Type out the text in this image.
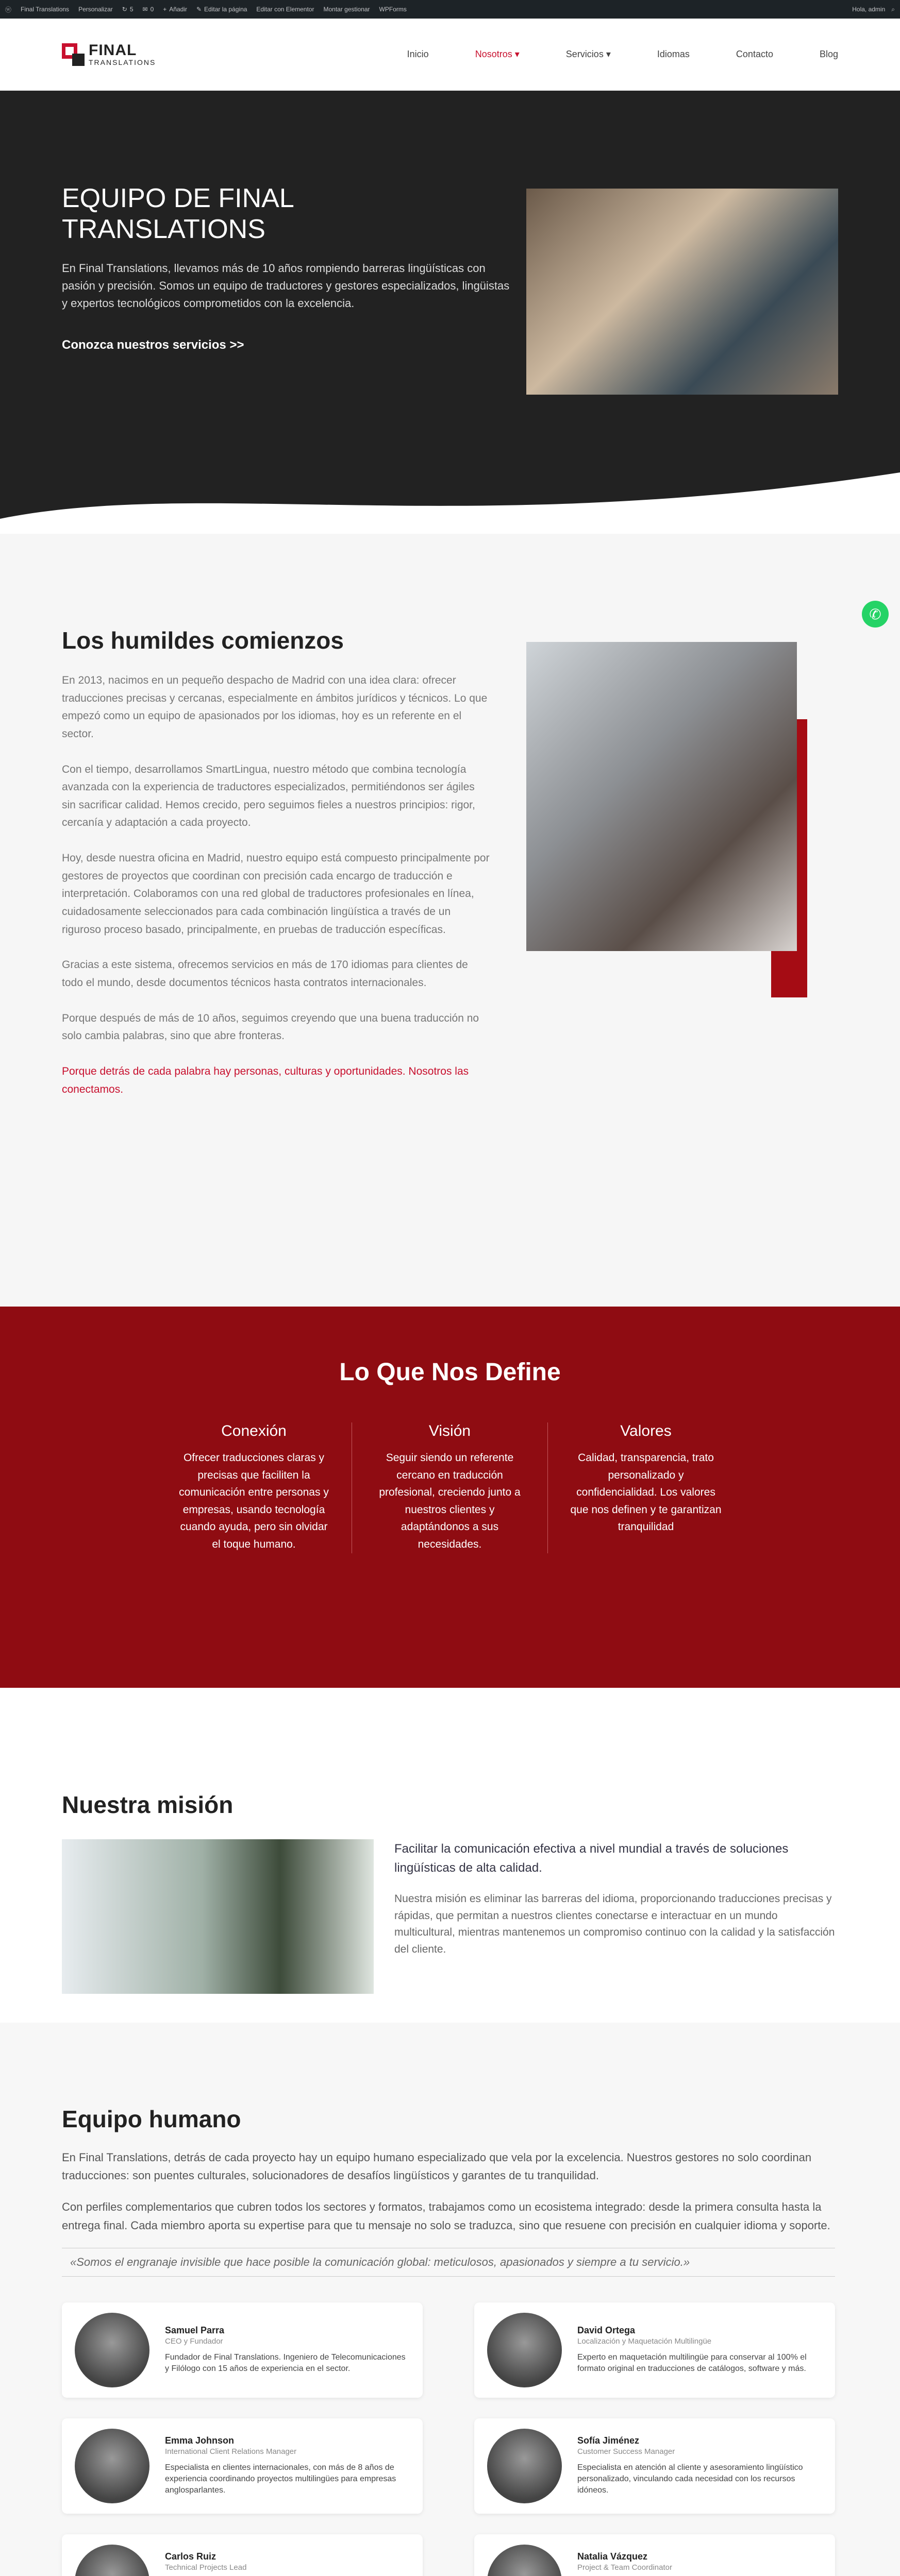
ⓦ Final Translations Personalizar ↻ 5 ✉ 0 + Añadir ✎ Editar la página Editar con Elementor Montar gestionar WPForms	Hola, admin ⌕
FINAL
TRANSLATIONS
Inicio	Nosotros ▾	Servicios ▾	Idiomas	Contacto	Blog
EQUIPO DE FINAL TRANSLATIONS

En Final Translations, llevamos más de 10 años rompiendo barreras lingüísticas con pasión y precisión. Somos un equipo de traductores y gestores especializados, lingüistas y expertos tecnológicos comprometidos con la excelencia.

Conozca nuestros servicios >>
Los humildes comienzos

En 2013, nacimos en un pequeño despacho de Madrid con una idea clara: ofrecer traducciones precisas y cercanas, especialmente en ámbitos jurídicos y técnicos. Lo que empezó como un equipo de apasionados por los idiomas, hoy es un referente en el sector.

Con el tiempo, desarrollamos SmartLingua, nuestro método que combina tecnología avanzada con la experiencia de traductores especializados, permitiéndonos ser ágiles sin sacrificar calidad. Hemos crecido, pero seguimos fieles a nuestros principios: rigor, cercanía y adaptación a cada proyecto.

Hoy, desde nuestra oficina en Madrid, nuestro equipo está compuesto principalmente por gestores de proyectos que coordinan con precisión cada encargo de traducción e interpretación. Colaboramos con una red global de traductores profesionales en línea, cuidadosamente seleccionados para cada combinación lingüística a través de un riguroso proceso basado, principalmente, en pruebas de traducción específicas.

Gracias a este sistema, ofrecemos servicios en más de 170 idiomas para clientes de todo el mundo, desde documentos técnicos hasta contratos internacionales.

Porque después de más de 10 años, seguimos creyendo que una buena traducción no solo cambia palabras, sino que abre fronteras.

Porque detrás de cada palabra hay personas, culturas y oportunidades. Nosotros las conectamos.

✆
Lo Que Nos Define
Conexión

Ofrecer traducciones claras y precisas que faciliten la comunicación entre personas y empresas, usando tecnología cuando ayuda, pero sin olvidar el toque humano.

Visión

Seguir siendo un referente cercano en traducción profesional, creciendo junto a nuestros clientes y adaptándonos a sus necesidades.

Valores

Calidad, transparencia, trato personalizado y confidencialidad. Los valores que nos definen y te garantizan tranquilidad

Nuestra misión
Facilitar la comunicación efectiva a nivel mundial a través de soluciones lingüísticas de alta calidad.
Nuestra misión es eliminar las barreras del idioma, proporcionando traducciones precisas y rápidas, que permitan a nuestros clientes conectarse e interactuar en un mundo multicultural, mientras mantenemos un compromiso continuo con la calidad y la satisfacción del cliente.
Equipo humano

En Final Translations, detrás de cada proyecto hay un equipo humano especializado que vela por la excelencia. Nuestros gestores no solo coordinan traducciones: son puentes culturales, solucionadores de desafíos lingüísticos y garantes de tu tranquilidad.

Con perfiles complementarios que cubren todos los sectores y formatos, trabajamos como un ecosistema integrado: desde la primera consulta hasta la entrega final. Cada miembro aporta su expertise para que tu mensaje no solo se traduzca, sino que resuene con precisión en cualquier idioma y soporte.

«Somos el engranaje invisible que hace posible la comunicación global: meticulosos, apasionados y siempre a tu servicio.»
Samuel Parra
CEO y Fundador
Fundador de Final Translations. Ingeniero de Telecomunicaciones y Filólogo con 15 años de experiencia en el sector.
David Ortega
Localización y Maquetación Multilingüe
Experto en maquetación multilingüe para conservar al 100% el formato original en traducciones de catálogos, software y más.
Emma Johnson
International Client Relations Manager
Especialista en clientes internacionales, con más de 8 años de experiencia coordinando proyectos multilingües para empresas anglosparlantes.
Sofía Jiménez
Customer Success Manager
Especialista en atención al cliente y asesoramiento lingüístico personalizado, vinculando cada necesidad con los recursos idóneos.
Carlos Ruiz
Technical Projects Lead
Natalia Vázquez
Project & Team Coordinator
